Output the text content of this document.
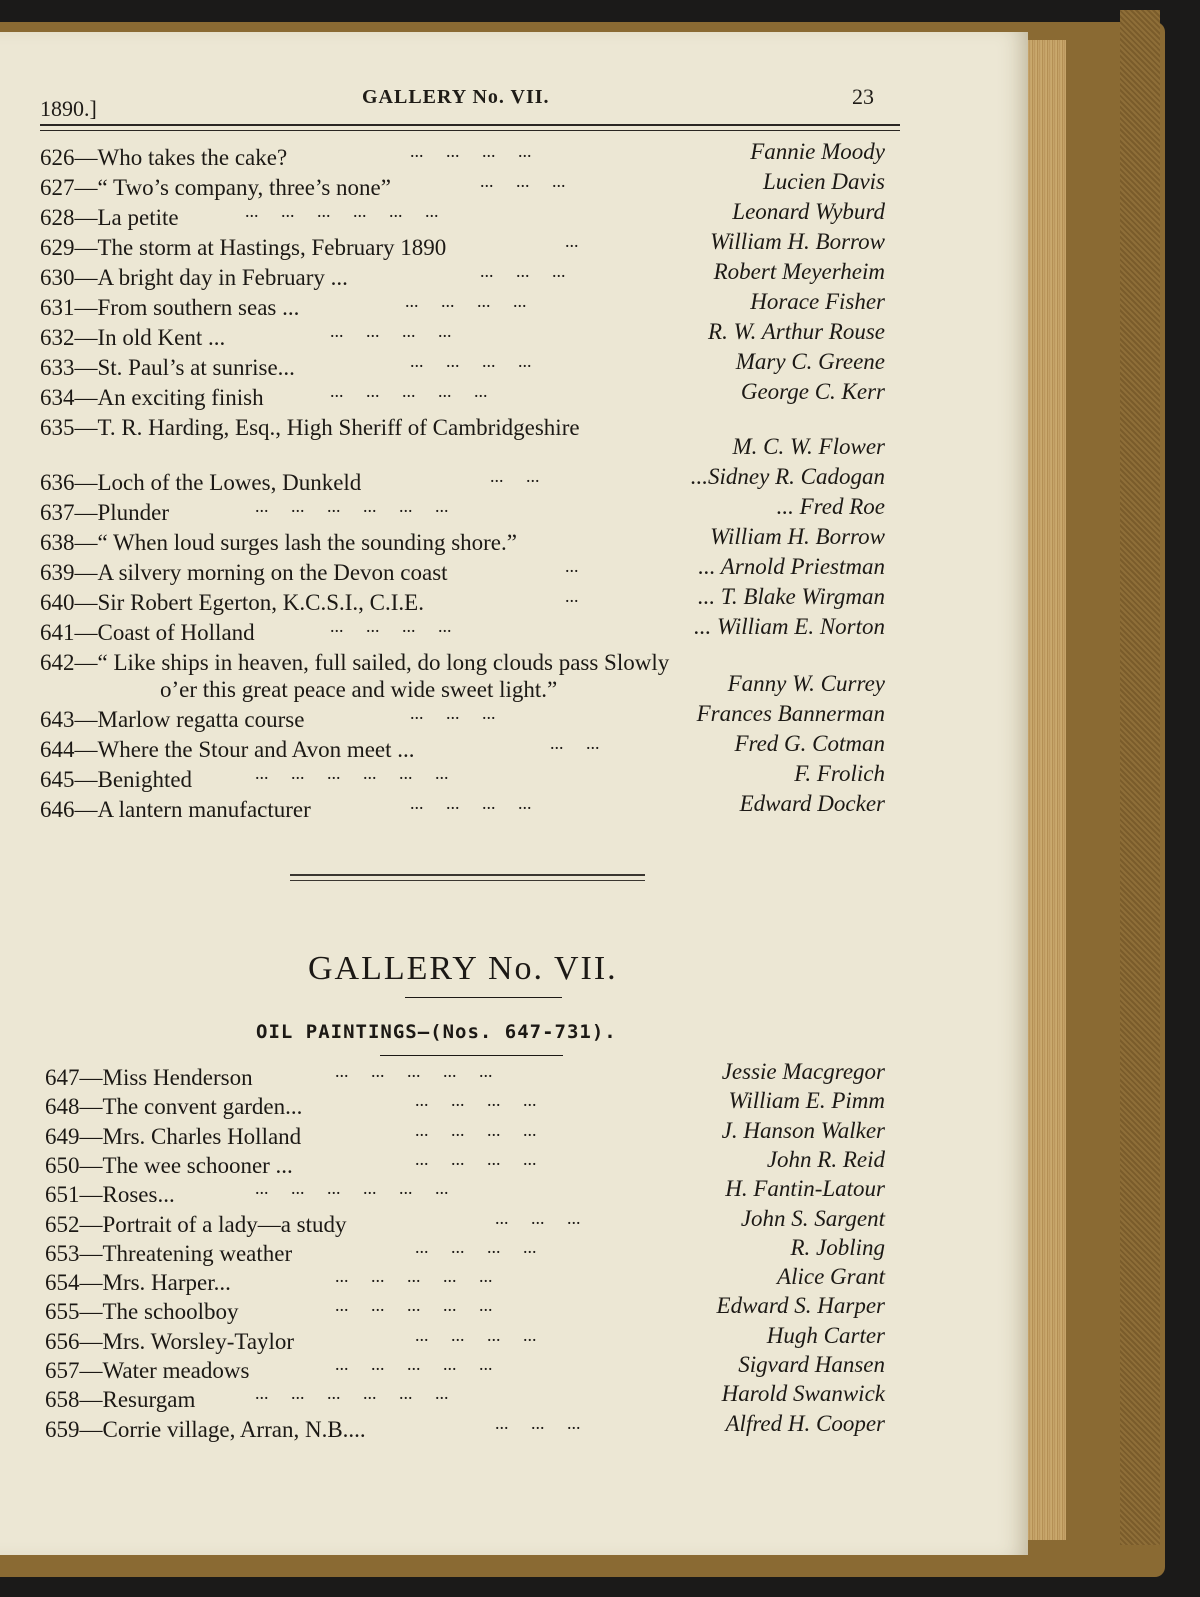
1890.]	GALLERY No. VII.	23
626—Who takes the cake?	...     ...     ...     ...	Fannie Moody
627—“ Two’s company, three’s none”	...     ...     ...	Lucien Davis
628—La petite	...     ...     ...     ...     ...     ...	Leonard Wyburd
629—The storm at Hastings, February 1890	...	William H. Borrow
630—A bright day in February ...	...     ...     ...	Robert Meyerheim
631—From southern seas ...	...     ...     ...     ...	Horace Fisher
632—In old Kent ...	...     ...     ...     ...	R. W. Arthur Rouse
633—St. Paul’s at sunrise...	...     ...     ...     ...	Mary C. Greene
634—An exciting finish	...     ...     ...     ...     ...	George C. Kerr
635—T. R. Harding, Esq., High Sheriff of Cambridgeshire
M. C. W. Flower
636—Loch of the Lowes, Dunkeld	...     ...	...Sidney R. Cadogan
637—Plunder	...     ...     ...     ...     ...     ...	... Fred Roe
638—“ When loud surges lash the sounding shore.”	William H. Borrow
639—A silvery morning on the Devon coast	...	... Arnold Priestman
640—Sir Robert Egerton, K.C.S.I., C.I.E.	...	... T. Blake Wirgman
641—Coast of Holland	...     ...     ...     ...	... William E. Norton
642—“ Like ships in heaven, full sailed, do long clouds pass Slowly
o’er this great peace and wide sweet light.”	Fanny W. Currey
643—Marlow regatta course	...     ...     ...	Frances Bannerman
644—Where the Stour and Avon meet ...	...     ...	Fred G. Cotman
645—Benighted	...     ...     ...     ...     ...     ...	F. Frolich
646—A lantern manufacturer	...     ...     ...     ...	Edward Docker
GALLERY No. VII.
OIL PAINTINGS—(Nos. 647-731).
647—Miss Henderson	...     ...     ...     ...     ...	Jessie Macgregor
648—The convent garden...	...     ...     ...     ...	William E. Pimm
649—Mrs. Charles Holland	...     ...     ...     ...	J. Hanson Walker
650—The wee schooner ...	...     ...     ...     ...	John R. Reid
651—Roses...	...     ...     ...     ...     ...     ...	H. Fantin-Latour
652—Portrait of a lady—a study	...     ...     ...	John S. Sargent
653—Threatening weather	...     ...     ...     ...	R. Jobling
654—Mrs. Harper...	...     ...     ...     ...     ...	Alice Grant
655—The schoolboy	...     ...     ...     ...     ...	Edward S. Harper
656—Mrs. Worsley-Taylor	...     ...     ...     ...	Hugh Carter
657—Water meadows	...     ...     ...     ...     ...	Sigvard Hansen
658—Resurgam	...     ...     ...     ...     ...     ...	Harold Swanwick
659—Corrie village, Arran, N.B....	...     ...     ...	Alfred H. Cooper
